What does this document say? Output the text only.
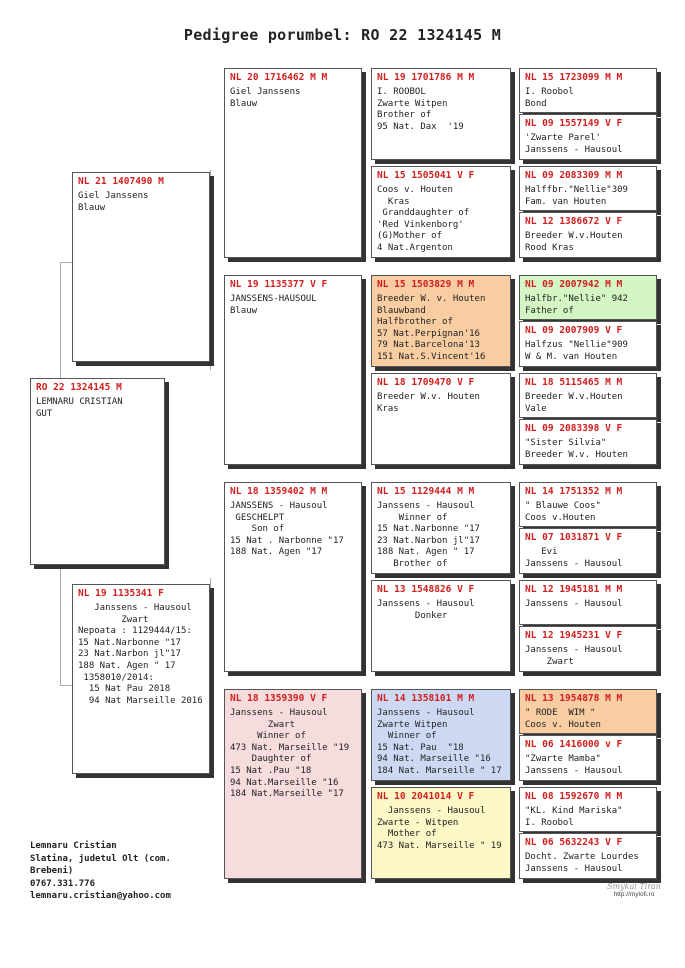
Pedigree porumbel: RO 22 1324145 M
RO 22 1324145 M
LEMNARU CRISTIAN
GUT
NL 21 1407490 M
Giel Janssens
Blauw
NL 19 1135341 F
Janssens - Hausoul
Zwart
Nepoata : 1129444/15:
15 Nat.Narbonne "17
23 Nat.Narbon jl"17
188 Nat. Agen " 17
1358010/2014:
15 Nat Pau 2018
94 Nat Marseille 2016
NL 20 1716462 M M
Giel Janssens
Blauw
NL 19 1135377 V F
JANSSENS-HAUSOUL
Blauw
NL 18 1359402 M M
JANSSENS - Hausoul
GESCHELPT
Son of
15 Nat . Narbonne "17
188 Nat. Agen "17
NL 18 1359390 V F
Janssens - Hausoul
Zwart
Winner of
473 Nat. Marseille "19
Daughter of
15 Nat .Pau "18
94 Nat.Marseille "16
184 Nat.Marseille "17
NL 19 1701786 M M
I. ROOBOL
Zwarte Witpen
Brother of
95 Nat. Dax  '19
NL 15 1505041 V F
Coos v. Houten
Kras
Granddaughter of
'Red Vinkenborg'
(G)Mother of
4 Nat.Argenton
NL 15 1503829 M M
Breeder W. v. Houten
Blauwband
Halfbrother of
57 Nat.Perpignan'16
79 Nat.Barcelona'13
151 Nat.S.Vincent'16
NL 18 1709470 V F
Breeder W.v. Houten
Kras
NL 15 1129444 M M
Janssens - Hausoul
Winner of
15 Nat.Narbonne "17
23 Nat.Narbon jl"17
188 Nat. Agen " 17
Brother of
NL 13 1548826 V F
Janssens - Hausoul
Donker
NL 14 1358101 M M
Janssens - Hausoul
Zwarte Witpen
Winner of
15 Nat. Pau  "18
94 Nat. Marseille "16
184 Nat. Marseille " 17
NL 10 2041014 V F
Janssens - Hausoul
Zwarte - Witpen
Mother of
473 Nat. Marseille " 19
NL 15 1723099 M M
I. Roobol
Bond
NL 09 1557149 V F
'Zwarte Parel'
Janssens - Hausoul
NL 09 2083309 M M
Halffbr."Nellie"309
Fam. van Houten
NL 12 1386672 V F
Breeder W.v.Houten
Rood Kras
NL 09 2007942 M M
Halfbr."Nellie" 942
Father of
NL 09 2007909 V F
Halfzus "Nellie"909
W & M. van Houten
NL 18 5115465 M M
Breeder W.v.Houten
Vale
NL 09 2083398 V F
"Sister Silvia"
Breeder W.v. Houten
NL 14 1751352 M M
" Blauwe Coos"
Coos v.Houten
NL 07 1031871 V F
Evi
Janssens - Hausoul
NL 12 1945181 M M
Janssens - Hausoul
NL 12 1945231 V F
Janssens - Hausoul
Zwart
NL 13 1954878 M M
" RODE  WIM "
Coos v. Houten
NL 06 1416000 v F
"Zwarte Mamba"
Janssens - Hausoul
NL 08 1592670 M M
"KL. Kind Mariska"
I. Roobol
NL 06 5632243 V F
Docht. Zwarte Lourdes
Janssens - Hausoul
Lemnaru Cristian
Slatina, judetul Olt (com.
Brebeni)
0767.331.776
lemnaru.cristian@yahoo.com
Smykal Tiran
http://mylofi.ro
